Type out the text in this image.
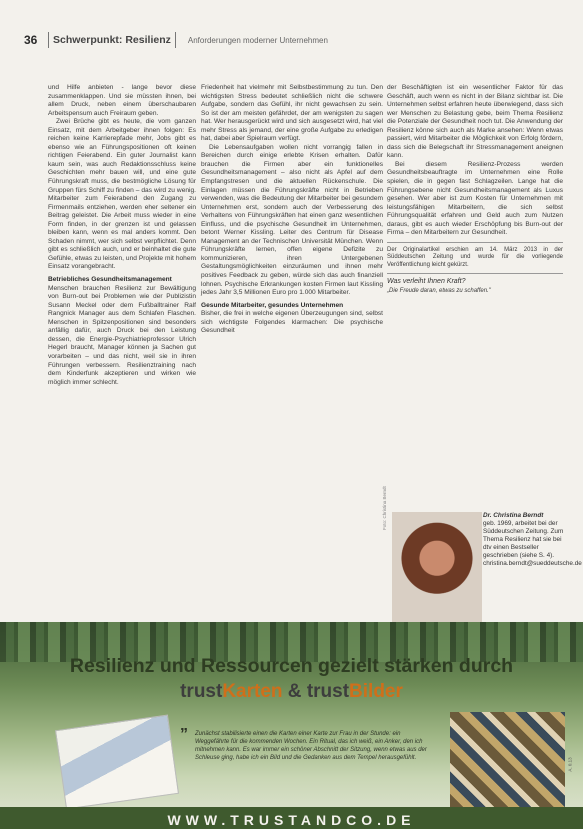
36	Schwerpunkt: Resilienz Anforderungen moderner Unternehmen

und Hilfe anbieten - lange bevor diese zusammenklappen. Und sie müssten ihnen, bei allem Druck, neben einem überschaubaren Arbeitspensum auch Freiraum geben.

Zwei Brüche gibt es heute, die vom ganzen Einsatz, mit dem Arbeitgeber ihnen folgen: Es reichen keine Karrierepfade mehr, Jobs gibt es ebenso wie an Führungspositionen oft keinen richtigen Feierabend. Ein guter Journalist kann kaum sein, was auch Redaktionsschluss keine Geschichten mehr bauen will, und eine gute Führungskraft muss, die bestmögliche Lösung für Gruppen fürs Schiff zu finden – das wird zu wenig. Mitarbeiter zum Feierabend den Zugang zu Firmenmails entziehen, werden eher seltener ein Beitrag geleistet. Die Arbeit muss wieder in eine Form finden, in der grenzen ist und gelassen bleiben kann, wenn es mal anders kommt. Den Schaden nimmt, wer sich selbst verpflichtet. Denn gibt es schließlich auch, und er beinhaltet die gute Gefühle, etwas zu leisten, und Projekte mit hohem Einsatz vorangebracht.

Betriebliches Gesundheitsmanagement

Menschen brauchen Resilienz zur Bewältigung von Burn-out bei Problemen wie der Publizistin Susann Meckel oder dem Fußballtrainer Ralf Rangnick Manager aus dem Schlafen Flaschen. Menschen in Spitzenpositionen sind besonders anfällig dafür, auch Druck bei den Leistung dessen, die Energie-Psychiatrieprofessor Ulrich Hegerl braucht, Manager können ja Sachen gut vorarbeiten – und das nicht, weil sie in ihren Führungen verbessern. Resilienztraining nach dem Kinderfunk akzeptieren und wirken wie möglich immer schlecht.

Friedenheit hat vielmehr mit Selbstbestimmung zu tun. Den wichtigsten Stress bedeutet schließlich nicht die schwere Aufgabe, sondern das Gefühl, ihr nicht gewachsen zu sein. So ist der am meisten gefährdet, der am wenigsten zu sagen hat. Wer herausgerückt wird und sich ausgesetzt wird, hat viel mehr Stress als jemand, der eine große Aufgabe zu erledigen hat, dabei aber Spielraum verfügt.

Die Lebensaufgaben wollen nicht vorrangig fallen in Bereichen durch einige erlebte Krisen erhalten. Dafür brauchen die Firmen aber ein funktionelles Gesundheitsmanagement – also nicht als Apfel auf dem Empfangstresen und die aktuellen Rückenschule. Die Einlagen müssen die Führungskräfte nicht in Betrieben verwenden, was die Bedeutung der Mitarbeiter bei gesundem Unternehmen erst, sondern auch der Verbesserung des Verhaltens von Führungskräften hat einen ganz wesentlichen Einfluss, und die psychische Gesundheit im Unternehmen, betont Werner Kissling. Leiter des Centrum für Disease Management an der Technischen Universität München. Wenn Führungskräfte lernen, offen eigene Defizite zu kommunizieren, ihren Untergebenen Gestaltungsmöglichkeiten einzuräumen und ihnen mehr positives Feedback zu geben, würde sich das auch finanziell lohnen. Psychische Erkrankungen kosten Firmen laut Kissling jedes Jahr 3,5 Millionen Euro pro 1.000 Mitarbeiter.

Gesunde Mitarbeiter, gesundes Unternehmen

Bisher, die frei in welche eigenen Überzeugungen sind, selbst sich wichtigste Folgendes klarmachen: Die psychische Gesundheit

der Beschäftigten ist ein wesentlicher Faktor für das Geschäft, auch wenn es nicht in der Bilanz sichtbar ist. Die Unternehmen selbst erfahren heute überwiegend, dass sich wer Menschen zu Belastung gebe, beim Thema Resilienz die Potenziale der Gesundheit noch tut. Die Anwendung der Resilienz könne sich auch als Marke ansehen: Wenn etwas passiert, wird Mitarbeiter die Möglichkeit von Erfolg fördern, dass sich die Belegschaft ihr Stressmanagement aneignen kann.

Bei diesem Resilienz-Prozess werden Gesundheitsbeauftragte im Unternehmen eine Rolle spielen, die in gegen fast Schlagzeilen. Lange hat die Führungsebene nicht Gesundheitsmanagement als Luxus gesehen. Wer aber ist zum Kosten für Unternehmen mit leistungsfähigen Mitarbeitern, die sich selbst Führungsqualität erfahren und Geld auch zum Nutzen daraus, gibt es auch wieder Erschöpfung bis Burn-out der Firma – den Mitarbeitern zur Gesundheit.

Der Originalartikel erschien am 14. März 2013 in der Süddeutschen Zeitung und wurde für die vorliegende Veröffentlichung leicht gekürzt.

Was verleiht Ihnen Kraft?

„Die Freude daran, etwas zu schaffen."

Foto: Christina Berndt	Dr. Christina Berndt
geb. 1969, arbeitet bei der Süddeutschen Zeitung. Zum Thema Resilienz hat sie bei dtv einen Bestseller geschrieben (siehe S. 4). christina.berndt@sueddeutsche.de
Resilienz und Ressourcen gezielt stärken durch
trustKarten & trustBilder
” Zunächst stabilisierte einen die Karten einer Karte zur Frau in der Stunde: ein Weggefährte für die kommenden Wochen. Ein Ritual, das ich weiß, ein Anker, den ich mitnehmen kann. Es war immer ein schöner Abschnitt der Sitzung, wenn etwas aus der Schleuse ging, habe ich ein Bild und die Gedanken aus dem Tempel herausgefühlt.	A. 0.13
WWW.TRUSTANDCO.DE
